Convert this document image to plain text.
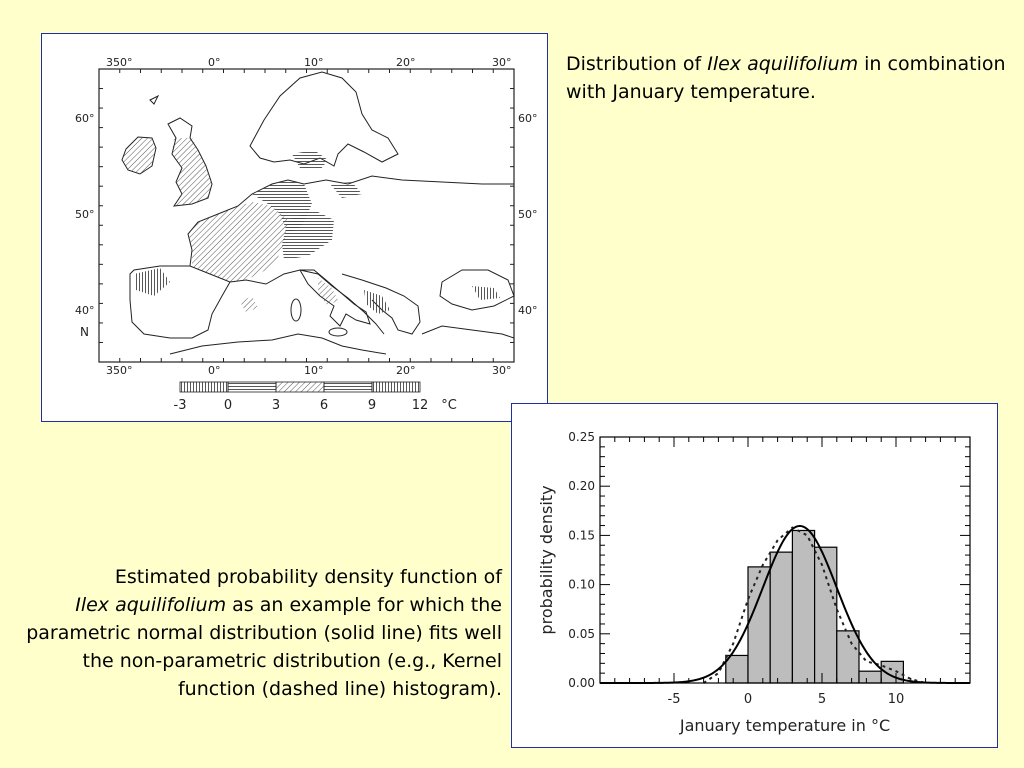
Distribution of Ilex aquilifolium in combination with January temperature.
Estimated probability density function of
Ilex aquilifolium as an example for which the parametric normal distribution (solid line) fits well the non-parametric distribution (e.g., Kernel function (dashed line) histogram).
350°	0°	10°	20°	30°
350°	0°	10°	20°	30°
60°
50°
40°
N
60°
50°
40°
-3	0	3	6	9	12 °C
-5	0	5	10
0.00
0.05
0.10
0.15
0.20
0.25
January temperature in °C
probability density
